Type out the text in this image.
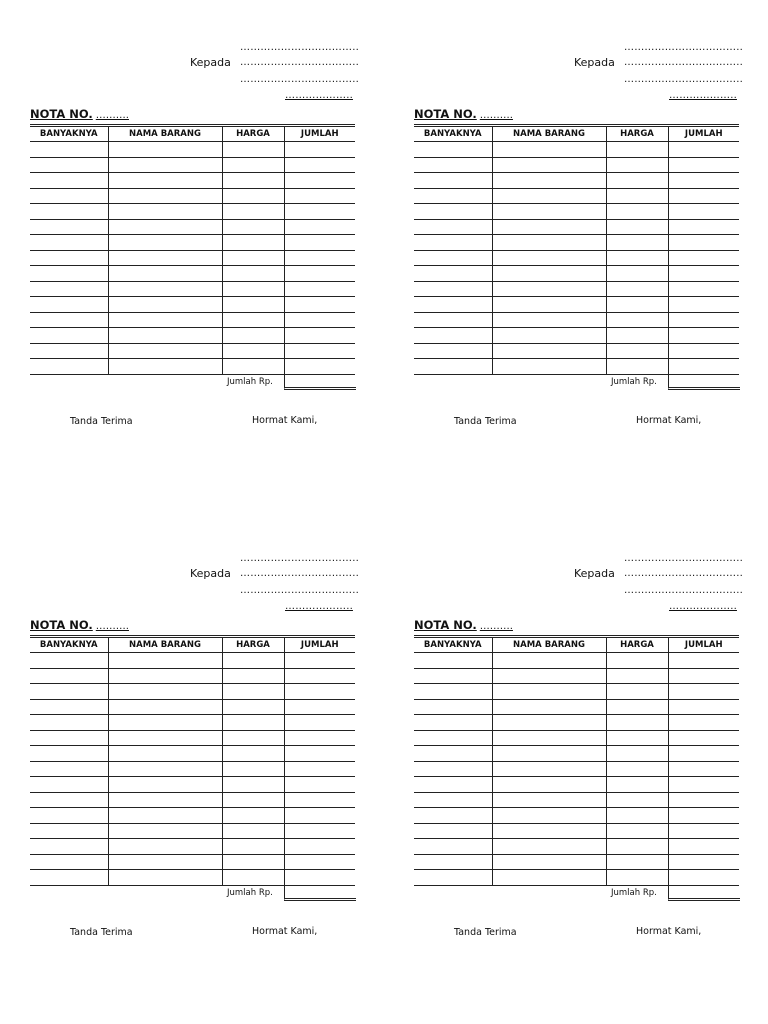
Kepada
……………………………..
……………………………..
……………………………..
………………..
NOTA NO. ……….
BANYAKNYA	NAMA BARANG	HARGA	JUMLAH

Jumlah Rp.
Tanda Terima	Hormat Kami,
Kepada
……………………………..
……………………………..
……………………………..
………………..
NOTA NO. ……….
BANYAKNYA	NAMA BARANG	HARGA	JUMLAH

Jumlah Rp.
Tanda Terima	Hormat Kami,
Kepada
……………………………..
……………………………..
……………………………..
………………..
NOTA NO. ……….
BANYAKNYA	NAMA BARANG	HARGA	JUMLAH

Jumlah Rp.
Tanda Terima	Hormat Kami,
Kepada
……………………………..
……………………………..
……………………………..
………………..
NOTA NO. ……….
BANYAKNYA	NAMA BARANG	HARGA	JUMLAH

Jumlah Rp.
Tanda Terima	Hormat Kami,
